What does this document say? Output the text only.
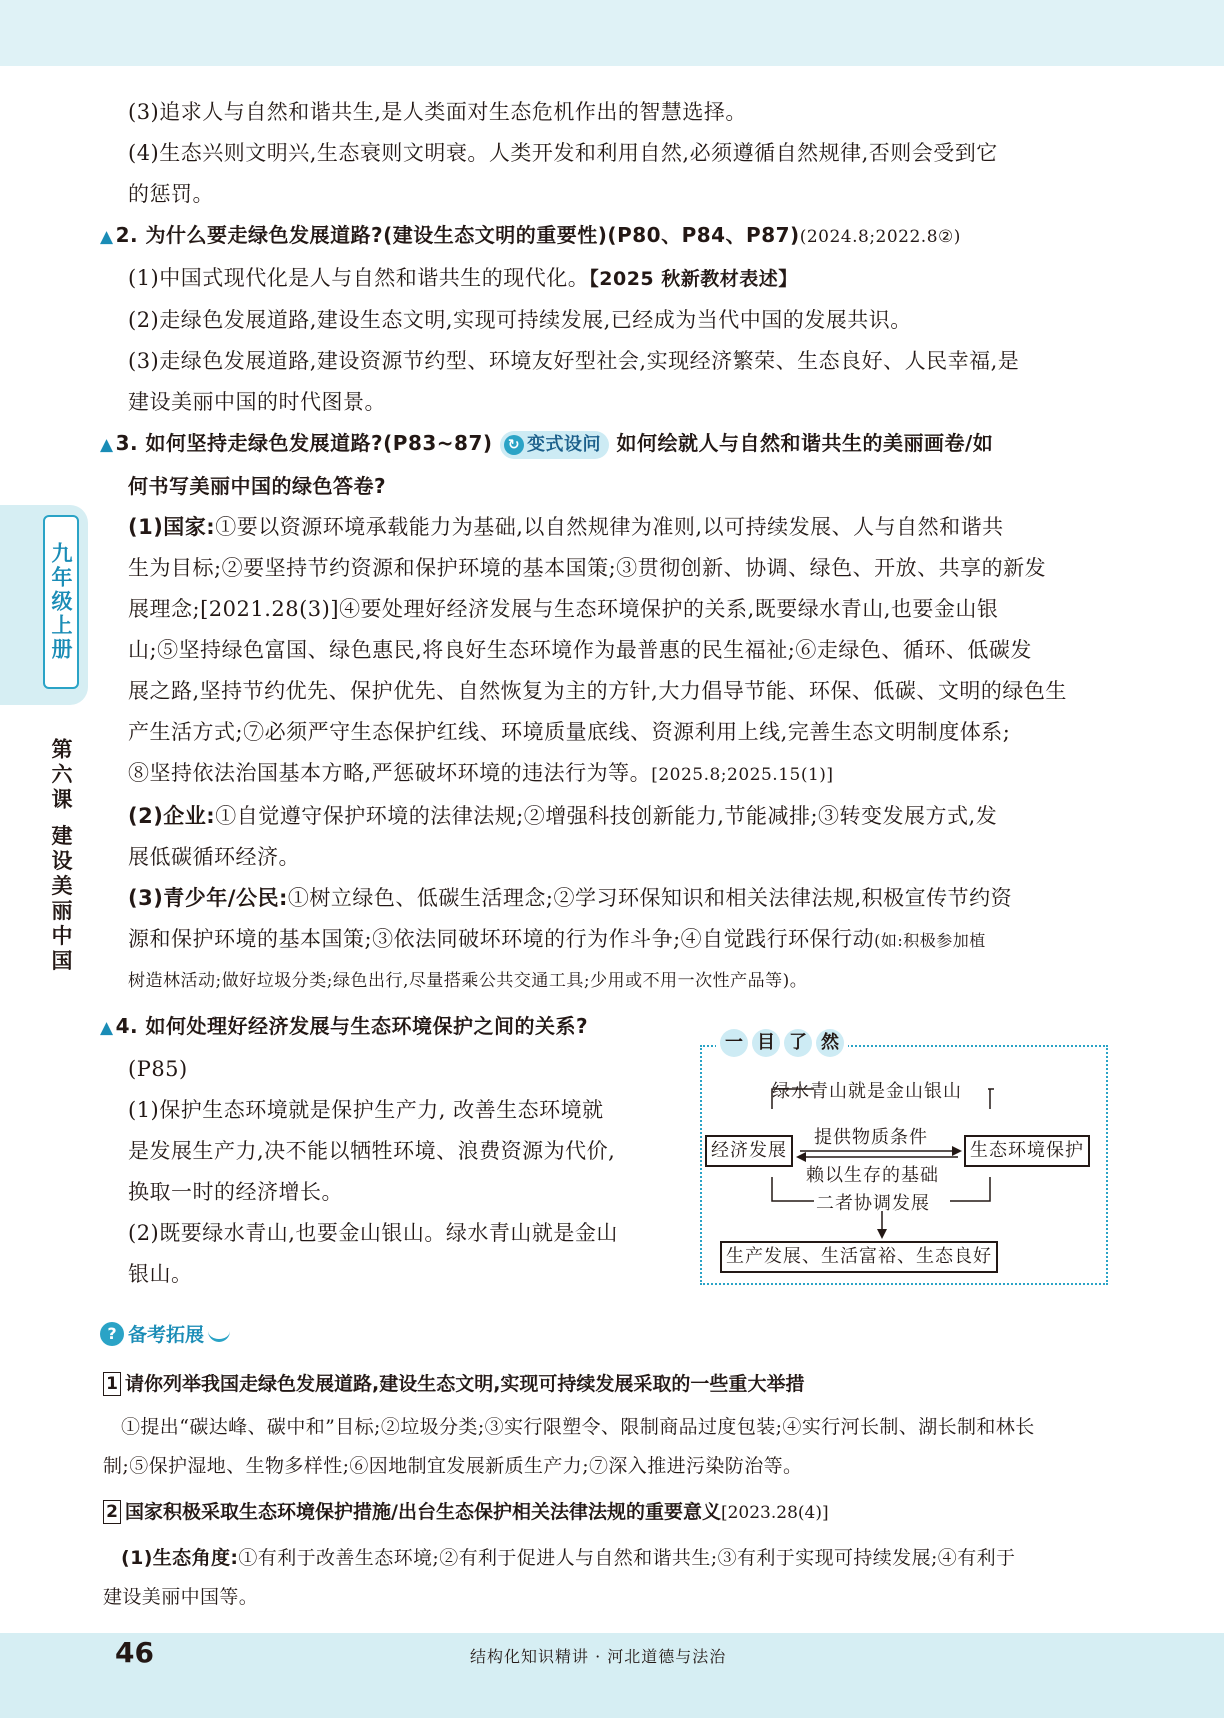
九年级上册
第六课 建设美丽中国

(3)追求人与自然和谐共生,是人类面对生态危机作出的智慧选择。

(4)生态兴则文明兴,生态衰则文明衰。人类开发和利用自然,必须遵循自然规律,否则会受到它

的惩罚。

▲ 2. 为什么要走绿色发展道路?(建设生态文明的重要性)(P80、P84、P87)(2024.8;2022.8②)

(1)中国式现代化是人与自然和谐共生的现代化。【2025 秋新教材表述】

(2)走绿色发展道路,建设生态文明,实现可持续发展,已经成为当代中国的发展共识。

(3)走绿色发展道路,建设资源节约型、环境友好型社会,实现经济繁荣、生态良好、人民幸福,是

建设美丽中国的时代图景。

▲ 3. 如何坚持走绿色发展道路?(P83~87) ↻ 变式设问 如何绘就人与自然和谐共生的美丽画卷/如

何书写美丽中国的绿色答卷?

(1)国家:①要以资源环境承载能力为基础,以自然规律为准则,以可持续发展、人与自然和谐共

生为目标;②要坚持节约资源和保护环境的基本国策;③贯彻创新、协调、绿色、开放、共享的新发

展理念;[2021.28(3)]④要处理好经济发展与生态环境保护的关系,既要绿水青山,也要金山银

山;⑤坚持绿色富国、绿色惠民,将良好生态环境作为最普惠的民生福祉;⑥走绿色、循环、低碳发

展之路,坚持节约优先、保护优先、自然恢复为主的方针,大力倡导节能、环保、低碳、文明的绿色生

产生活方式;⑦必须严守生态保护红线、环境质量底线、资源利用上线,完善生态文明制度体系;

⑧坚持依法治国基本方略,严惩破坏环境的违法行为等。[2025.8;2025.15(1)]

(2)企业:①自觉遵守保护环境的法律法规;②增强科技创新能力,节能减排;③转变发展方式,发

展低碳循环经济。

(3)青少年/公民:①树立绿色、低碳生活理念;②学习环保知识和相关法律法规,积极宣传节约资

源和保护环境的基本国策;③依法同破坏环境的行为作斗争;④自觉践行环保行动(如:积极参加植

树造林活动;做好垃圾分类;绿色出行,尽量搭乘公共交通工具;少用或不用一次性产品等)。

▲ 4. 如何处理好经济发展与生态环境保护之间的关系?

(P85)

(1)保护生态环境就是保护生产力, 改善生态环境就

是发展生产力,决不能以牺牲环境、浪费资源为代价,

换取一时的经济增长。

(2)既要绿水青山,也要金山银山。绿水青山就是金山

银山。

一 目 了 然
绿水青山就是金山银山
经济发展	生态环境保护
提供物质条件
赖以生存的基础
二者协调发展
生产发展、生活富裕、生态良好
? 备考拓展
1 请你列举我国走绿色发展道路,建设生态文明,实现可持续发展采取的一些重大举措
①提出“碳达峰、碳中和”目标;②垃圾分类;③实行限塑令、限制商品过度包装;④实行河长制、湖长制和林长
制;⑤保护湿地、生物多样性;⑥因地制宜发展新质生产力;⑦深入推进污染防治等。
2 国家积极采取生态环境保护措施/出台生态保护相关法律法规的重要意义[2023.28(4)]
(1)生态角度:①有利于改善生态环境;②有利于促进人与自然和谐共生;③有利于实现可持续发展;④有利于
建设美丽中国等。
46	结构化知识精讲 · 河北道德与法治
